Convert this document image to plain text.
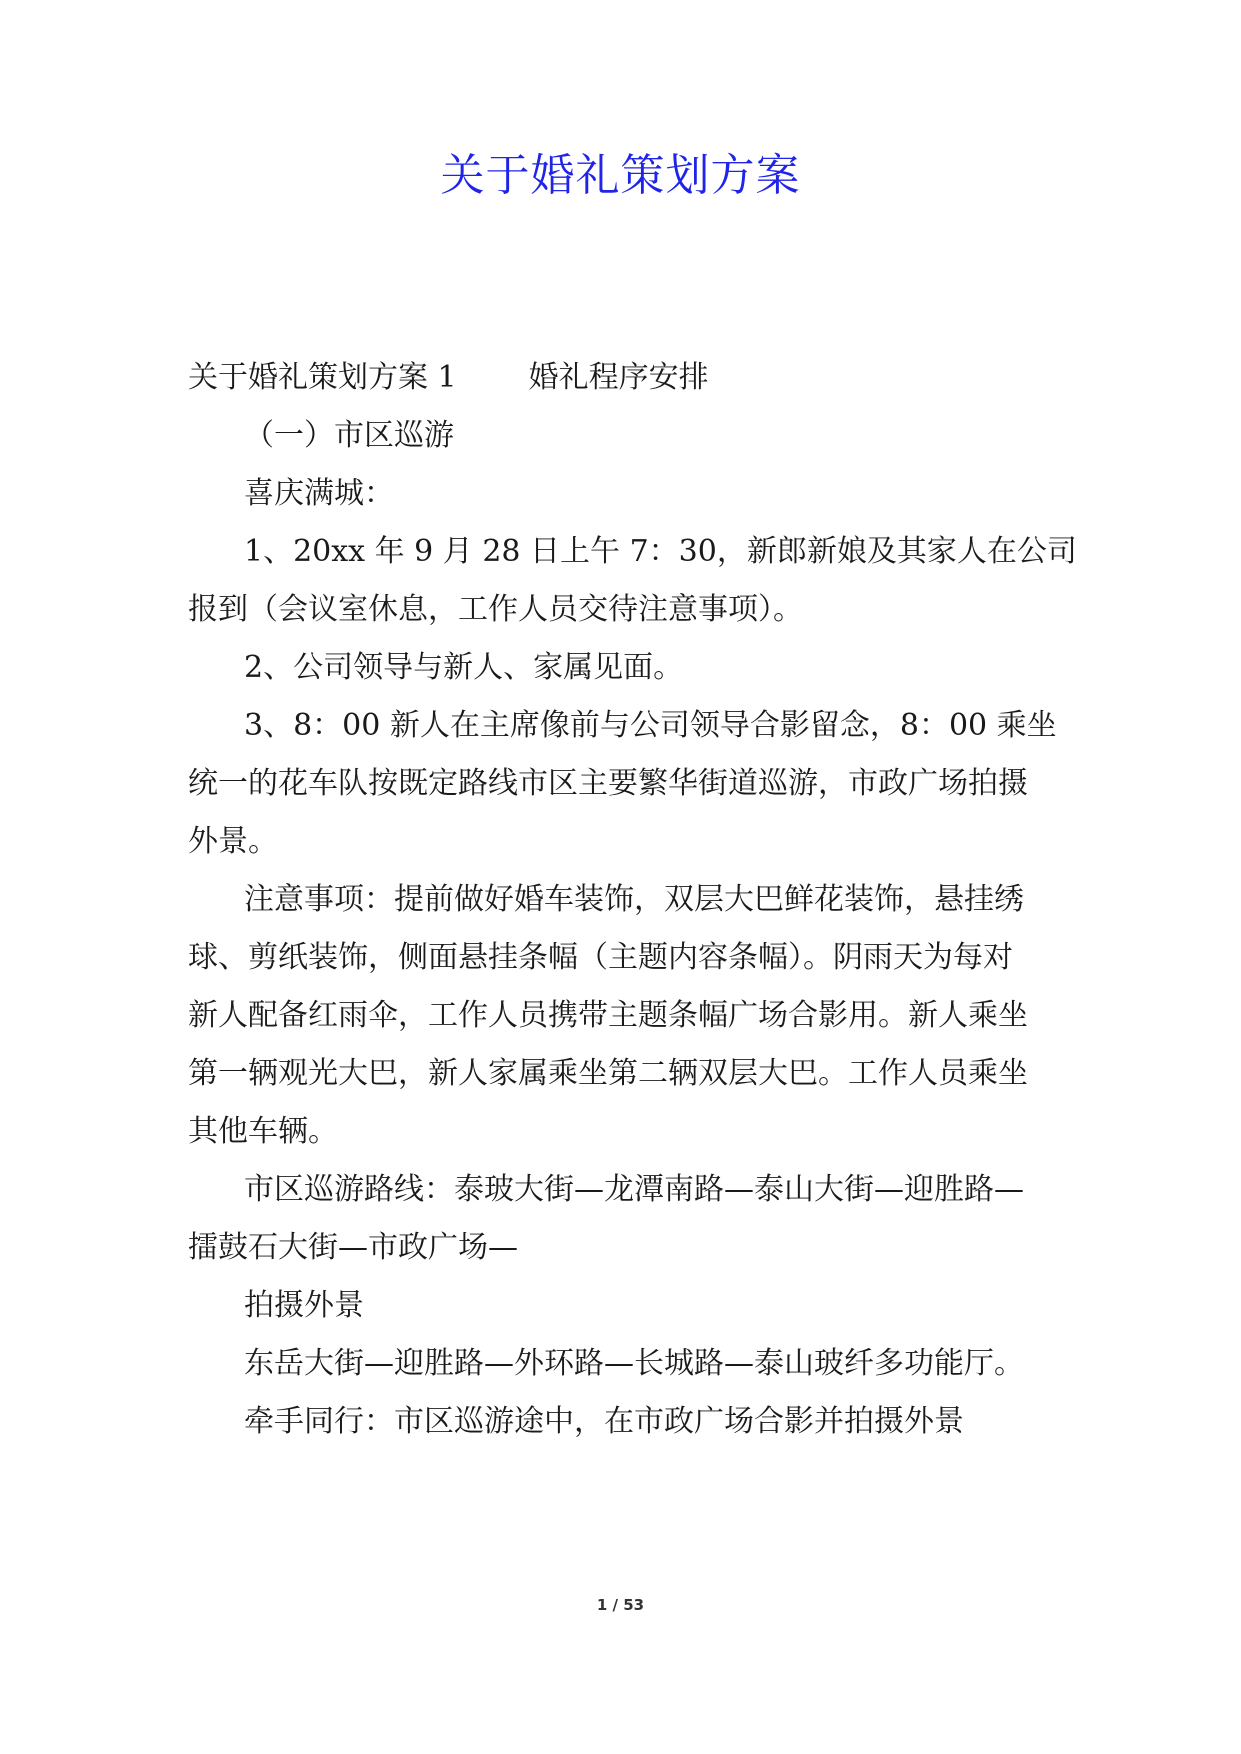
关于婚礼策划方案
关于婚礼策划方案 1 婚礼程序安排
（一）市区巡游
喜庆满城：
1、20xx 年 9 月 28 日上午 7：30，新郎新娘及其家人在公司
报到（会议室休息，工作人员交待注意事项）。
2、公司领导与新人、家属见面。
3、8：00 新人在主席像前与公司领导合影留念，8：00 乘坐
统一的花车队按既定路线市区主要繁华街道巡游，市政广场拍摄
外景。
注意事项：提前做好婚车装饰，双层大巴鲜花装饰，悬挂绣
球、剪纸装饰，侧面悬挂条幅（主题内容条幅）。阴雨天为每对
新人配备红雨伞，工作人员携带主题条幅广场合影用。新人乘坐
第一辆观光大巴，新人家属乘坐第二辆双层大巴。工作人员乘坐
其他车辆。
市区巡游路线：泰玻大街—龙潭南路—泰山大街—迎胜路—
擂鼓石大街—市政广场—
拍摄外景
东岳大街—迎胜路—外环路—长城路—泰山玻纤多功能厅。
牵手同行：市区巡游途中，在市政广场合影并拍摄外景
1 / 53
